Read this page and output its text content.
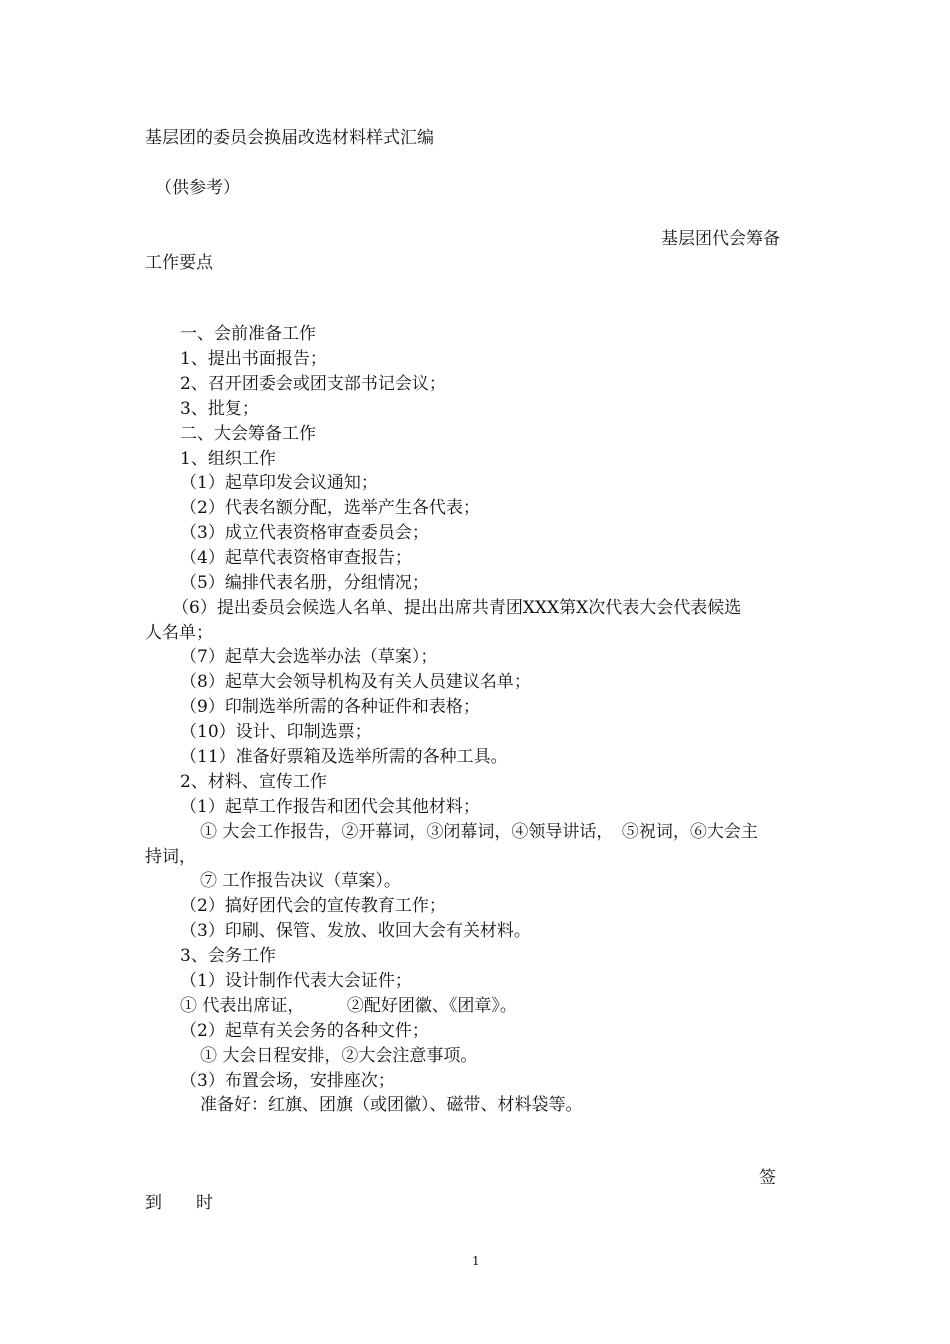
基层团的委员会换届改选材料样式汇编
（供参考）
基层团代会筹备
工作要点
一、会前准备工作
1、提出书面报告；
2、召开团委会或团支部书记会议；
3、批复；
二、大会筹备工作
1、组织工作
（1）起草印发会议通知；
（2）代表名额分配，选举产生各代表；
（3）成立代表资格审查委员会；
（4）起草代表资格审查报告；
（5）编排代表名册，分组情况；
（6）提出委员会候选人名单、提出出席共青团XXX第X次代表大会代表候选
人名单；
（7）起草大会选举办法（草案）；
（8）起草大会领导机构及有关人员建议名单；
（9）印制选举所需的各种证件和表格；
（10）设计、印制选票；
（11）准备好票箱及选举所需的各种工具。
2、材料、宣传工作
（1）起草工作报告和团代会其他材料；
① 大会工作报告，②开幕词，③闭幕词，④领导讲话，　⑤祝词，⑥大会主
持词，
⑦ 工作报告决议（草案）。
（2）搞好团代会的宣传教育工作；
（3）印刷、保管、发放、收回大会有关材料。
3、会务工作
（1）设计制作代表大会证件；
① 代表出席证，　　　②配好团徽、《团章》。
（2）起草有关会务的各种文件；
① 大会日程安排，②大会注意事项。
（3）布置会场，安排座次；
准备好：红旗、团旗（或团徽）、磁带、材料袋等。
签
到　　时
1
